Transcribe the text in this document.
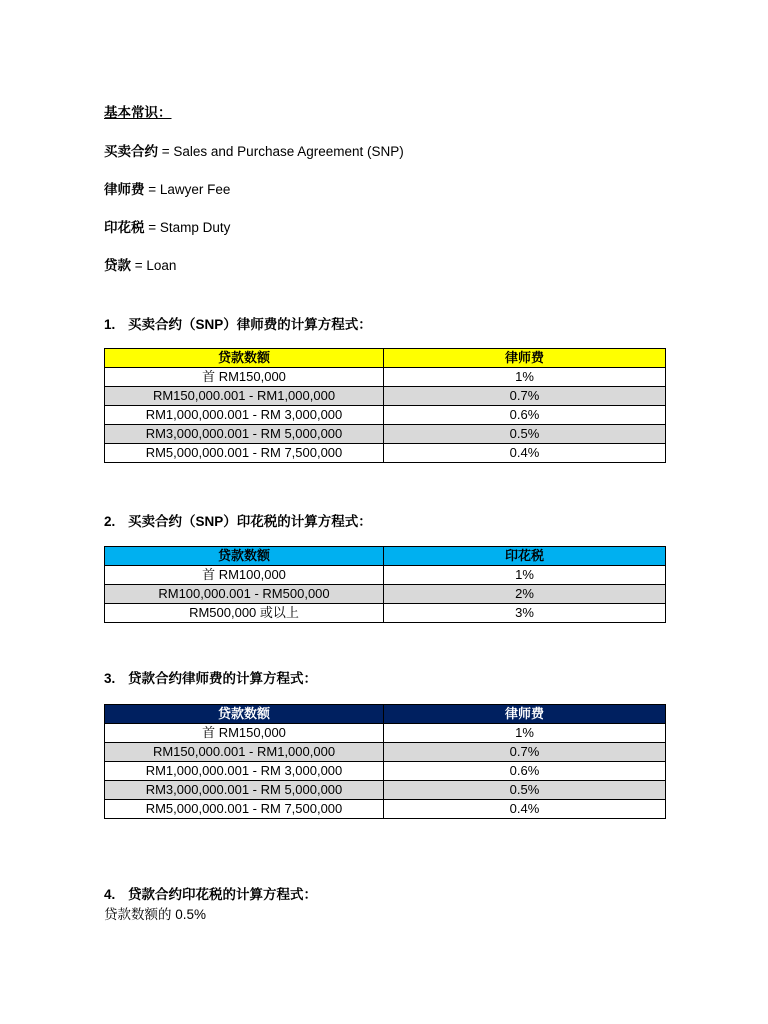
基本常识：
买卖合约 = Sales and Purchase Agreement (SNP)
律师费 = Lawyer Fee
印花税 = Stamp Duty
贷款 = Loan
1. 买卖合约（SNP）律师费的计算方程式：
贷款数额	律师费
首 RM150,000	1%
RM150,000.001 - RM1,000,000	0.7%
RM1,000,000.001 - RM 3,000,000	0.6%
RM3,000,000.001 - RM 5,000,000	0.5%
RM5,000,000.001 - RM 7,500,000	0.4%
2. 买卖合约（SNP）印花税的计算方程式：
贷款数额	印花税
首 RM100,000	1%
RM100,000.001 - RM500,000	2%
RM500,000 或以上	3%
3. 贷款合约律师费的计算方程式：
贷款数额	律师费
首 RM150,000	1%
RM150,000.001 - RM1,000,000	0.7%
RM1,000,000.001 - RM 3,000,000	0.6%
RM3,000,000.001 - RM 5,000,000	0.5%
RM5,000,000.001 - RM 7,500,000	0.4%
4. 贷款合约印花税的计算方程式：
贷款数额的 0.5%
